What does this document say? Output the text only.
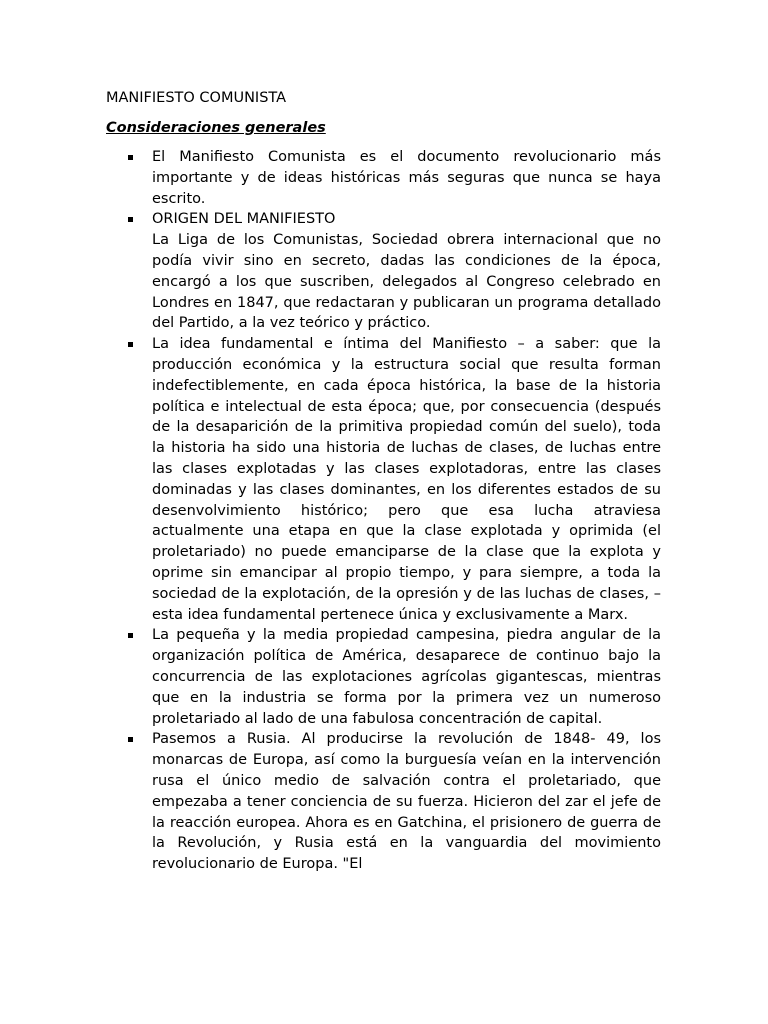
MANIFIESTO COMUNISTA
Consideraciones generales
El Manifiesto Comunista es el documento revolucionario más importante y de ideas históricas más seguras que nunca se haya escrito.
ORIGEN DEL MANIFIESTO
La Liga de los Comunistas, Sociedad obrera internacional que no podía vivir sino en secreto, dadas las condiciones de la época, encargó a los que suscriben, delegados al Congreso celebrado en Londres en 1847, que redactaran y publicaran un programa detallado del Partido, a la vez teórico y práctico.
La idea fundamental e íntima del Manifiesto – a saber: que la producción económica y la estructura social que resulta forman indefectiblemente, en cada época histórica, la base de la historia política e intelectual de esta época; que, por consecuencia (después de la desaparición de la primitiva propiedad común del suelo), toda la historia ha sido una historia de luchas de clases, de luchas entre las clases explotadas y las clases explotadoras, entre las clases dominadas y las clases dominantes, en los diferentes estados de su desenvolvimiento histórico; pero que esa lucha atraviesa actualmente una etapa en que la clase explotada y oprimida (el proletariado) no puede emanciparse de la clase que la explota y oprime sin emancipar al propio tiempo, y para siempre, a toda la sociedad de la explotación, de la opresión y de las luchas de clases, – esta idea fundamental pertenece única y exclusivamente a Marx.
La pequeña y la media propiedad campesina, piedra angular de la organización política de América, desaparece de continuo bajo la concurrencia de las explotaciones agrícolas gigantescas, mientras que en la industria se forma por la primera vez un numeroso proletariado al lado de una fabulosa concentración de capital.
Pasemos a Rusia. Al producirse la revolución de 1848- 49, los monarcas de Europa, así como la burguesía veían en la intervención rusa el único medio de salvación contra el proletariado, que empezaba a tener conciencia de su fuerza. Hicieron del zar el jefe de la reacción europea. Ahora es en Gatchina, el prisionero de guerra de la Revolución, y Rusia está en la vanguardia del movimiento revolucionario de Europa. "El
